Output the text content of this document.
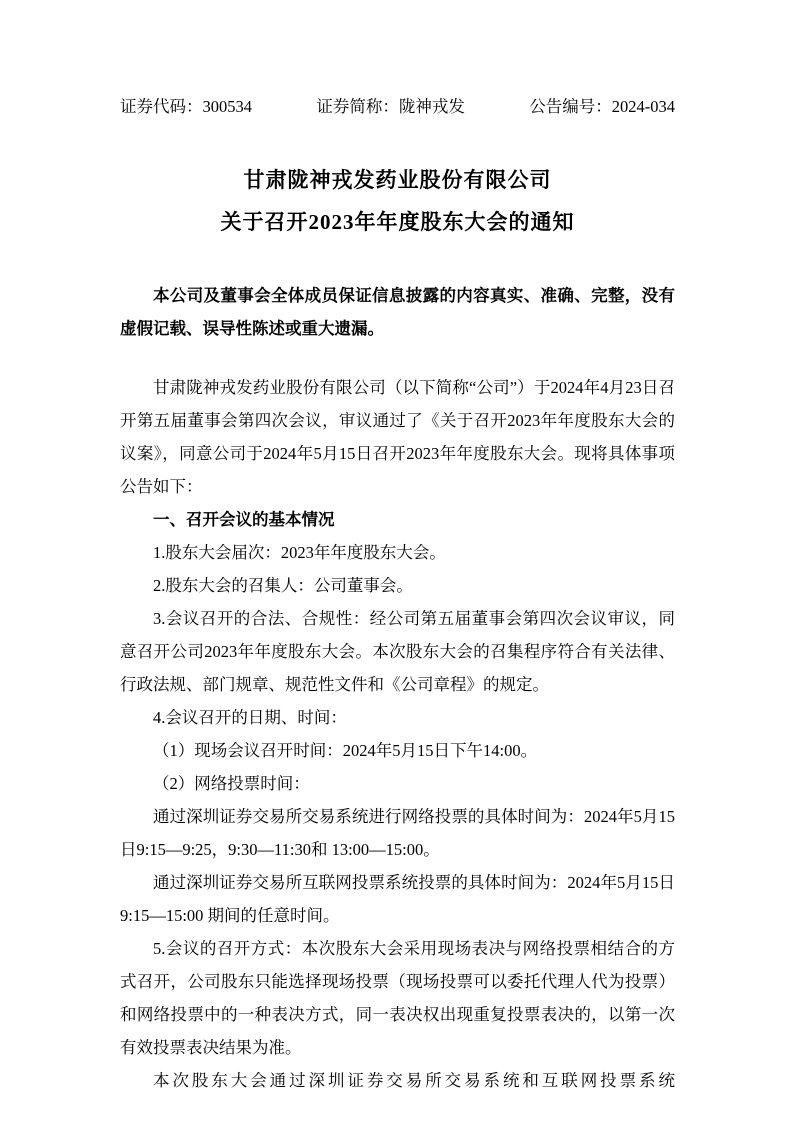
证券代码：300534	证券简称：陇神戎发	公告编号：2024-034
甘肃陇神戎发药业股份有限公司
关于召开2023年年度股东大会的通知

本公司及董事会全体成员保证信息披露的内容真实、准确、完整，没有虚假记载、误导性陈述或重大遗漏。

甘肃陇神戎发药业股份有限公司（以下简称“公司”）于2024年4月23日召开第五届董事会第四次会议，审议通过了《关于召开2023年年度股东大会的议案》，同意公司于2024年5月15日召开2023年年度股东大会。现将具体事项公告如下：

一、召开会议的基本情况

1.股东大会届次：2023年年度股东大会。

2.股东大会的召集人：公司董事会。

3.会议召开的合法、合规性：经公司第五届董事会第四次会议审议，同意召开公司2023年年度股东大会。本次股东大会的召集程序符合有关法律、行政法规、部门规章、规范性文件和《公司章程》的规定。

4.会议召开的日期、时间：

（1）现场会议召开时间：2024年5月15日下午14:00。

（2）网络投票时间：

通过深圳证券交易所交易系统进行网络投票的具体时间为：2024年5月15日9:15—9:25，9:30—11:30和 13:00—15:00。

通过深圳证券交易所互联网投票系统投票的具体时间为：2024年5月15日9:15—15:00 期间的任意时间。

5.会议的召开方式：本次股东大会采用现场表决与网络投票相结合的方式召开，公司股东只能选择现场投票（现场投票可以委托代理人代为投票）和网络投票中的一种表决方式，同一表决权出现重复投票表决的，以第一次有效投票表决结果为准。

本次股东大会通过深圳证券交易所交易系统和互联网投票系统
